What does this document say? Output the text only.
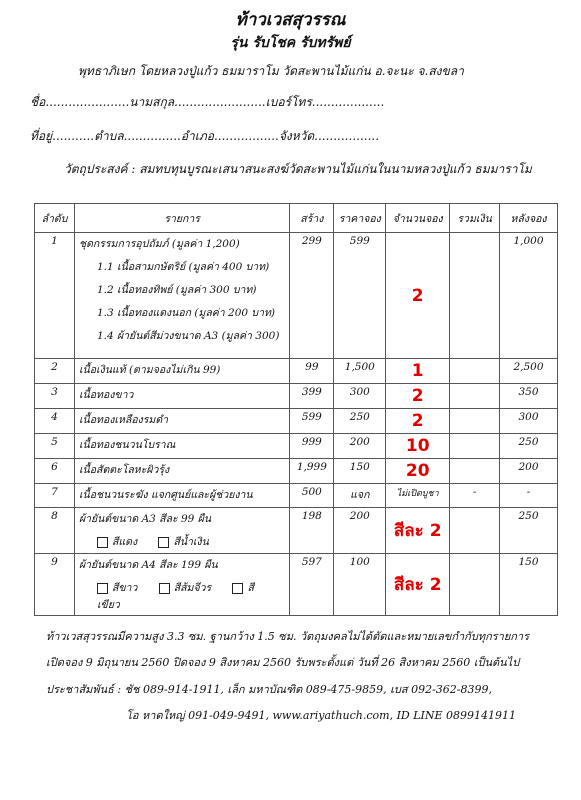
ท้าวเวสสุวรรณ
รุ่น รับโชค รับทรัพย์
พุทธาภิเษก โดยหลวงปู่แก้ว ธมมาราโม วัดสะพานไม้แก่น อ.จะนะ จ.สงขลา
ชื่อ......................นามสกุล........................เบอร์โทร...................
ที่อยู่...........ตำบล...............อำเภอ.................จังหวัด.................
วัตถุประสงค์ : สมทบทุนบูรณะเสนาสนะสงฆ์วัดสะพานไม้แก่นในนามหลวงปู่แก้ว ธมมาราโม
ลำดับ	รายการ	สร้าง	ราคาจอง	จำนวนจอง	รวมเงิน	หลังจอง
1	ชุดกรรมการอุปถัมภ์ (มูลค่า 1,200)
1.1 เนื้อสามกษัตริย์ (มูลค่า 400 บาท)
1.2 เนื้อทองทิพย์ (มูลค่า 300 บาท)
1.3 เนื้อทองแดงนอก (มูลค่า 200 บาท)
1.4 ผ้ายันต์สีม่วงขนาด A3 (มูลค่า 300)	299	599	2		1,000
2	เนื้อเงินแท้ (ตามจองไม่เกิน 99)	99	1,500	1		2,500
3	เนื้อทองขาว	399	300	2		350
4	เนื้อทองเหลืองรมดำ	599	250	2		300
5	เนื้อทองชนวนโบราณ	999	200	10		250
6	เนื้อสัตตะโลหะผิวรุ้ง	1,999	150	20		200
7	เนื้อชนวนระฆัง แจกศูนย์และผู้ช่วยงาน	500	แจก	ไม่เปิดบูชา	-	-
8	ผ้ายันต์ขนาด A3 สีละ 99 ผืน
สีแดง สีน้ำเงิน	198	200	สีละ 2		250
9	ผ้ายันต์ขนาด A4 สีละ 199 ผืน
สีขาว สีส้มจีวร สีเขียว	597	100	สีละ 2		150
ท้าวเวสสุวรรณมีความสูง 3.3 ซม. ฐานกว้าง 1.5 ซม. วัตถุมงคลไม่ได้ตัดและหมายเลขกำกับทุกรายการ
เปิดจอง 9 มิถุนายน 2560 ปิดจอง 9 สิงหาคม 2560 รับพระตั้งแต่ วันที่ 26 สิงหาคม 2560 เป็นต้นไป
ประชาสัมพันธ์ : ชัช 089-914-1911, เล็ก มหาบัณฑิต 089-475-9859, เบส 092-362-8399,
โอ หาดใหญ่ 091-049-9491, www.ariyathuch.com, ID LINE 0899141911
